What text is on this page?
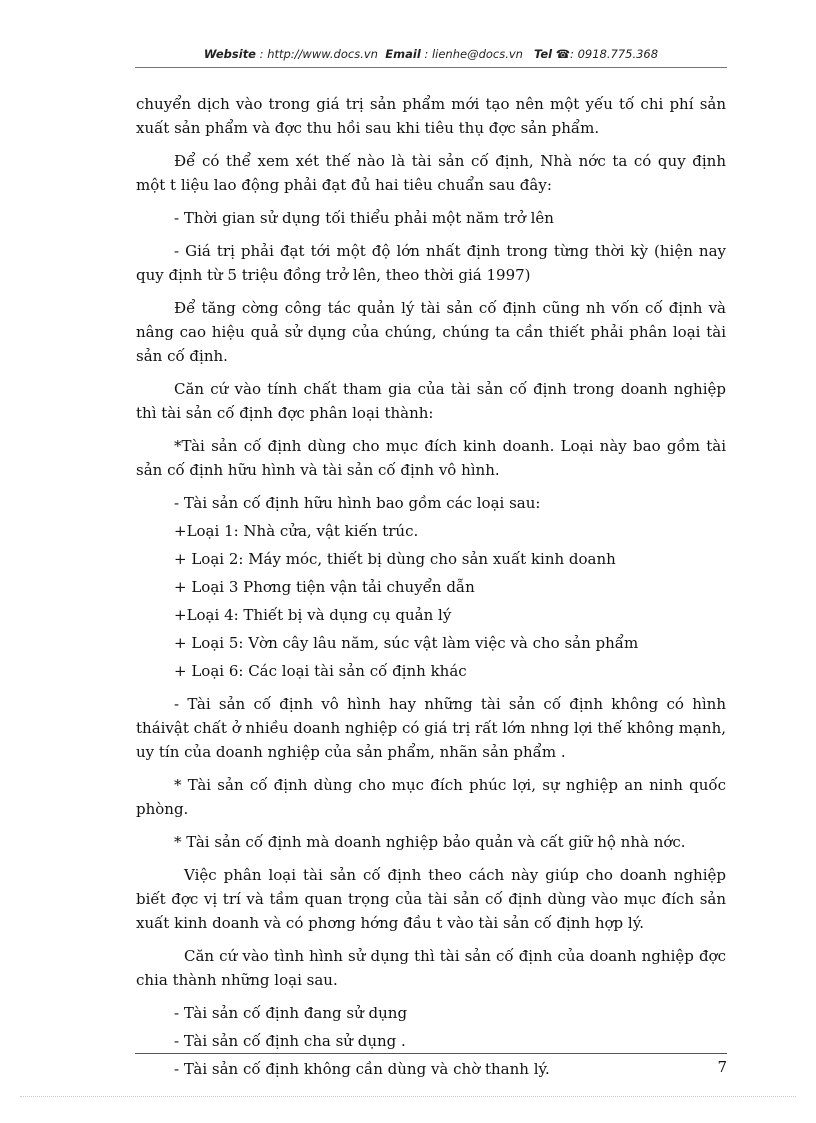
Website : http://www.docs.vn Email : lienhe@docs.vn Tel ☎: 0918.775.368

chuyển dịch vào trong giá trị sản phẩm mới tạo nên một yếu tố chi phí sản xuất sản phẩm và đợc thu hồi sau khi tiêu thụ đợc sản phẩm.

Để có thể xem xét thế nào là tài sản cố định, Nhà nớc ta có quy định một t liệu lao động phải đạt đủ hai tiêu chuẩn sau đây:

- Thời gian sử dụng tối thiểu phải một năm trở lên

- Giá trị phải đạt tới một độ lớn nhất định trong từng thời kỳ (hiện nay quy định từ 5 triệu đồng trở lên, theo thời giá 1997)

Để tăng cờng công tác quản lý tài sản cố định cũng nh vốn cố định và nâng cao hiệu quả sử dụng của chúng, chúng ta cần thiết phải phân loại tài sản cố định.

Căn cứ vào tính chất tham gia của tài sản cố định trong doanh nghiệp thì tài sản cố định đợc phân loại thành:

*Tài sản cố định dùng cho mục đích kinh doanh. Loại này bao gồm tài sản cố định hữu hình và tài sản cố định vô hình.

- Tài sản cố định hữu hình bao gồm các loại sau:

+Loại 1: Nhà cửa, vật kiến trúc.

+ Loại 2: Máy móc, thiết bị dùng cho sản xuất kinh doanh

+ Loại 3 Phơng tiện vận tải chuyển dẫn

+Loại 4: Thiết bị và dụng cụ quản lý

+ Loại 5: Vờn cây lâu năm, súc vật làm việc và cho sản phẩm

+ Loại 6: Các loại tài sản cố định khác

- Tài sản cố định vô hình hay những tài sản cố định không có hình tháivật chất ở nhiều doanh nghiệp có giá trị rất lớn nhng lợi thế không mạnh, uy tín của doanh nghiệp của sản phẩm, nhãn sản phẩm .

* Tài sản cố định dùng cho mục đích phúc lợi, sự nghiệp an ninh quốc phòng.

* Tài sản cố định mà doanh nghiệp bảo quản và cất giữ hộ nhà nớc.

Việc phân loại tài sản cố định theo cách này giúp cho doanh nghiệp biết đợc vị trí và tầm quan trọng của tài sản cố định dùng vào mục đích sản xuất kinh doanh và có phơng hớng đầu t vào tài sản cố định hợp lý.

Căn cứ vào tình hình sử dụng thì tài sản cố định của doanh nghiệp đợc chia thành những loại sau.

- Tài sản cố định đang sử dụng

- Tài sản cố định cha sử dụng .

- Tài sản cố định không cần dùng và chờ thanh lý.	7
